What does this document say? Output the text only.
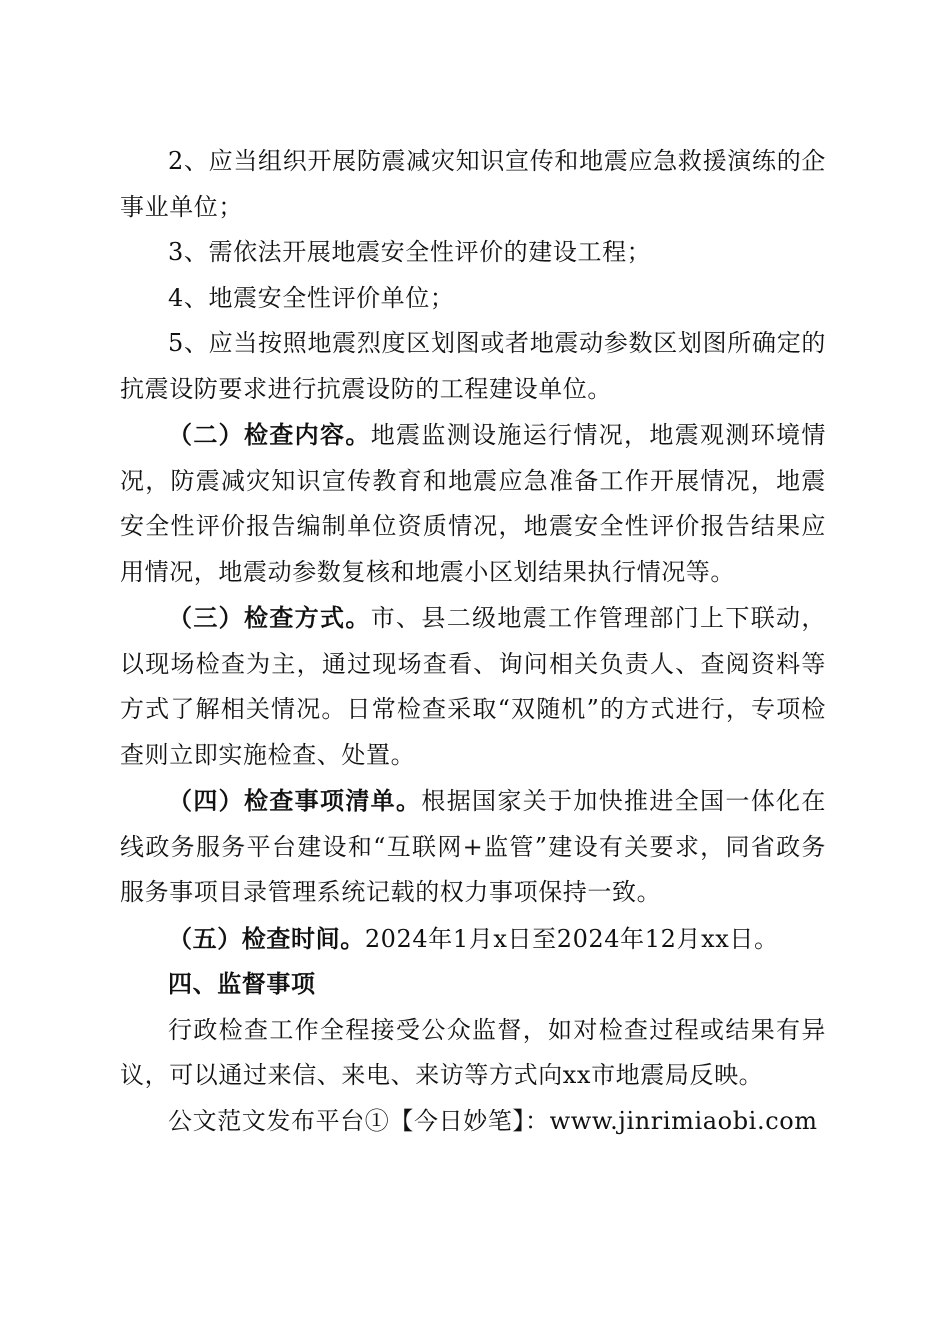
2、应当组织开展防震减灾知识宣传和地震应急救援演练的企事业单位；

3、需依法开展地震安全性评价的建设工程；

4、地震安全性评价单位；

5、应当按照地震烈度区划图或者地震动参数区划图所确定的抗震设防要求进行抗震设防的工程建设单位。

（二）检查内容。地震监测设施运行情况，地震观测环境情况，防震减灾知识宣传教育和地震应急准备工作开展情况，地震安全性评价报告编制单位资质情况，地震安全性评价报告结果应用情况，地震动参数复核和地震小区划结果执行情况等。

（三）检查方式。市、县二级地震工作管理部门上下联动，以现场检查为主，通过现场查看、询问相关负责人、查阅资料等方式了解相关情况。日常检查采取“双随机”的方式进行，专项检查则立即实施检查、处置。

（四）检查事项清单。根据国家关于加快推进全国一体化在线政务服务平台建设和“互联网+监管”建设有关要求，同省政务服务事项目录管理系统记载的权力事项保持一致。

（五）检查时间。2024年1月x日至2024年12月xx日。

四、监督事项

行政检查工作全程接受公众监督，如对检查过程或结果有异议，可以通过来信、来电、来访等方式向xx市地震局反映。

公文范文发布平台①【今日妙笔】：www.jinrimiaobi.com
